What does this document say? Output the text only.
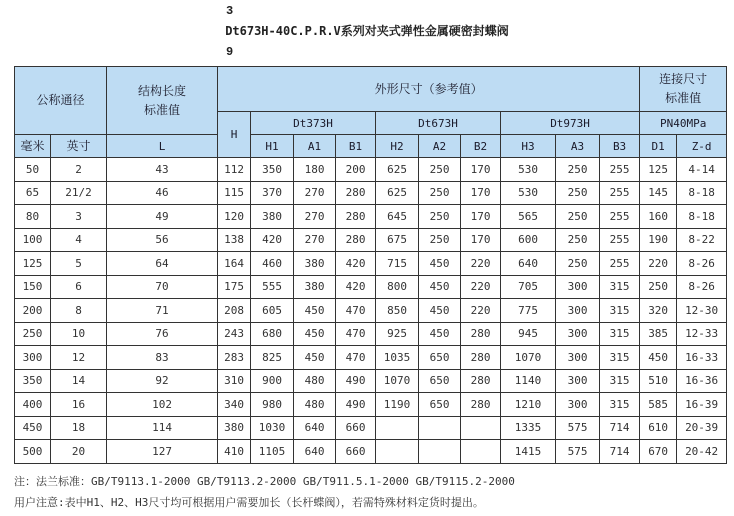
3
Dt673H-40C.P.R.V系列对夹式弹性金属硬密封蝶阀
9
公称通径		结构长度
标准值	外形尺寸（参考值）										连接尺寸
标准值	
			H	Dt373H			Dt673H			Dt973H			PN40MPa	
毫米	英寸	L		H1	A1	B1	H2	A2	B2	H3	A3	B3	D1	Z-d
50	2	43	112	350	180	200	625	250	170	530	250	255	125	4-14
65	21/2	46	115	370	270	280	625	250	170	530	250	255	145	8-18
80	3	49	120	380	270	280	645	250	170	565	250	255	160	8-18
100	4	56	138	420	270	280	675	250	170	600	250	255	190	8-22
125	5	64	164	460	380	420	715	450	220	640	250	255	220	8-26
150	6	70	175	555	380	420	800	450	220	705	300	315	250	8-26
200	8	71	208	605	450	470	850	450	220	775	300	315	320	12-30
250	10	76	243	680	450	470	925	450	280	945	300	315	385	12-33
300	12	83	283	825	450	470	1035	650	280	1070	300	315	450	16-33
350	14	92	310	900	480	490	1070	650	280	1140	300	315	510	16-36
400	16	102	340	980	480	490	1190	650	280	1210	300	315	585	16-39
450	18	114	380	1030	640	660				1335	575	714	610	20-39
500	20	127	410	1105	640	660				1415	575	714	670	20-42
注：法兰标准：GB/T9113.1-2000 GB/T9113.2-2000 GB/T911.5.1-2000 GB/T9115.2-2000
用户注意:表中H1、H2、H3尺寸均可根据用户需要加长（长杆蝶阀），若需特殊材料定货时提出。
